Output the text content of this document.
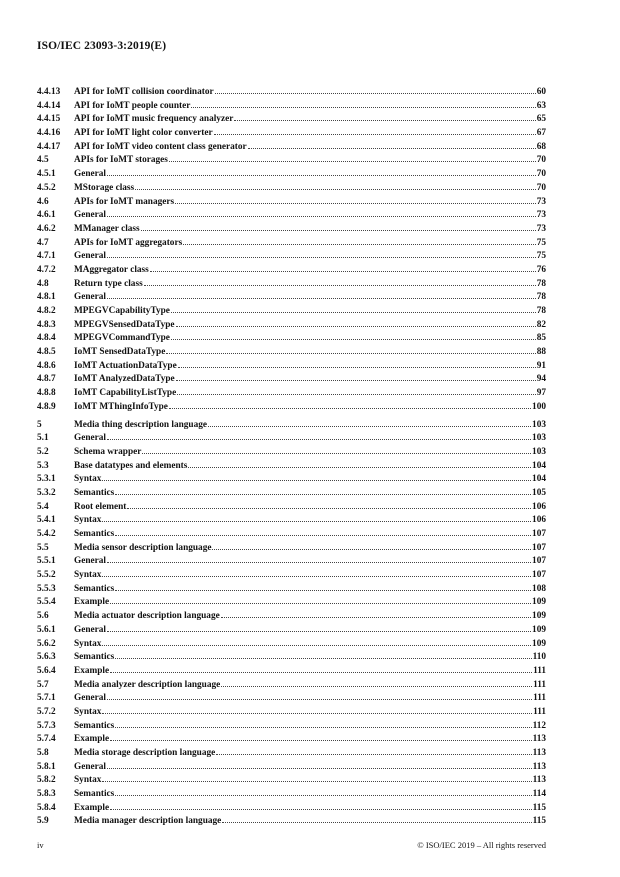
ISO/IEC 23093-3:2019(E)
4.4.13	API for IoMT collision coordinator	60
4.4.14	API for IoMT people counter	63
4.4.15	API for IoMT music frequency analyzer	65
4.4.16	API for IoMT light color converter	67
4.4.17	API for IoMT video content class generator	68
4.5	APIs for IoMT storages	70
4.5.1	General	70
4.5.2	MStorage class	70
4.6	APIs for IoMT managers	73
4.6.1	General	73
4.6.2	MManager class	73
4.7	APIs for IoMT aggregators	75
4.7.1	General	75
4.7.2	MAggregator class	76
4.8	Return type class	78
4.8.1	General	78
4.8.2	MPEGVCapabilityType	78
4.8.3	MPEGVSensedDataType	82
4.8.4	MPEGVCommandType	85
4.8.5	IoMT SensedDataType	88
4.8.6	IoMT ActuationDataType	91
4.8.7	IoMT AnalyzedDataType	94
4.8.8	IoMT CapabilityListType	97
4.8.9	IoMT MThingInfoType	100
5	Media thing description language	103
5.1	General	103
5.2	Schema wrapper	103
5.3	Base datatypes and elements	104
5.3.1	Syntax	104
5.3.2	Semantics	105
5.4	Root element	106
5.4.1	Syntax	106
5.4.2	Semantics	107
5.5	Media sensor description language	107
5.5.1	General	107
5.5.2	Syntax	107
5.5.3	Semantics	108
5.5.4	Example	109
5.6	Media actuator description language	109
5.6.1	General	109
5.6.2	Syntax	109
5.6.3	Semantics	110
5.6.4	Example	111
5.7	Media analyzer description language	111
5.7.1	General	111
5.7.2	Syntax	111
5.7.3	Semantics	112
5.7.4	Example	113
5.8	Media storage description language	113
5.8.1	General	113
5.8.2	Syntax	113
5.8.3	Semantics	114
5.8.4	Example	115
5.9	Media manager description language	115
iv	© ISO/IEC 2019 – All rights reserved
